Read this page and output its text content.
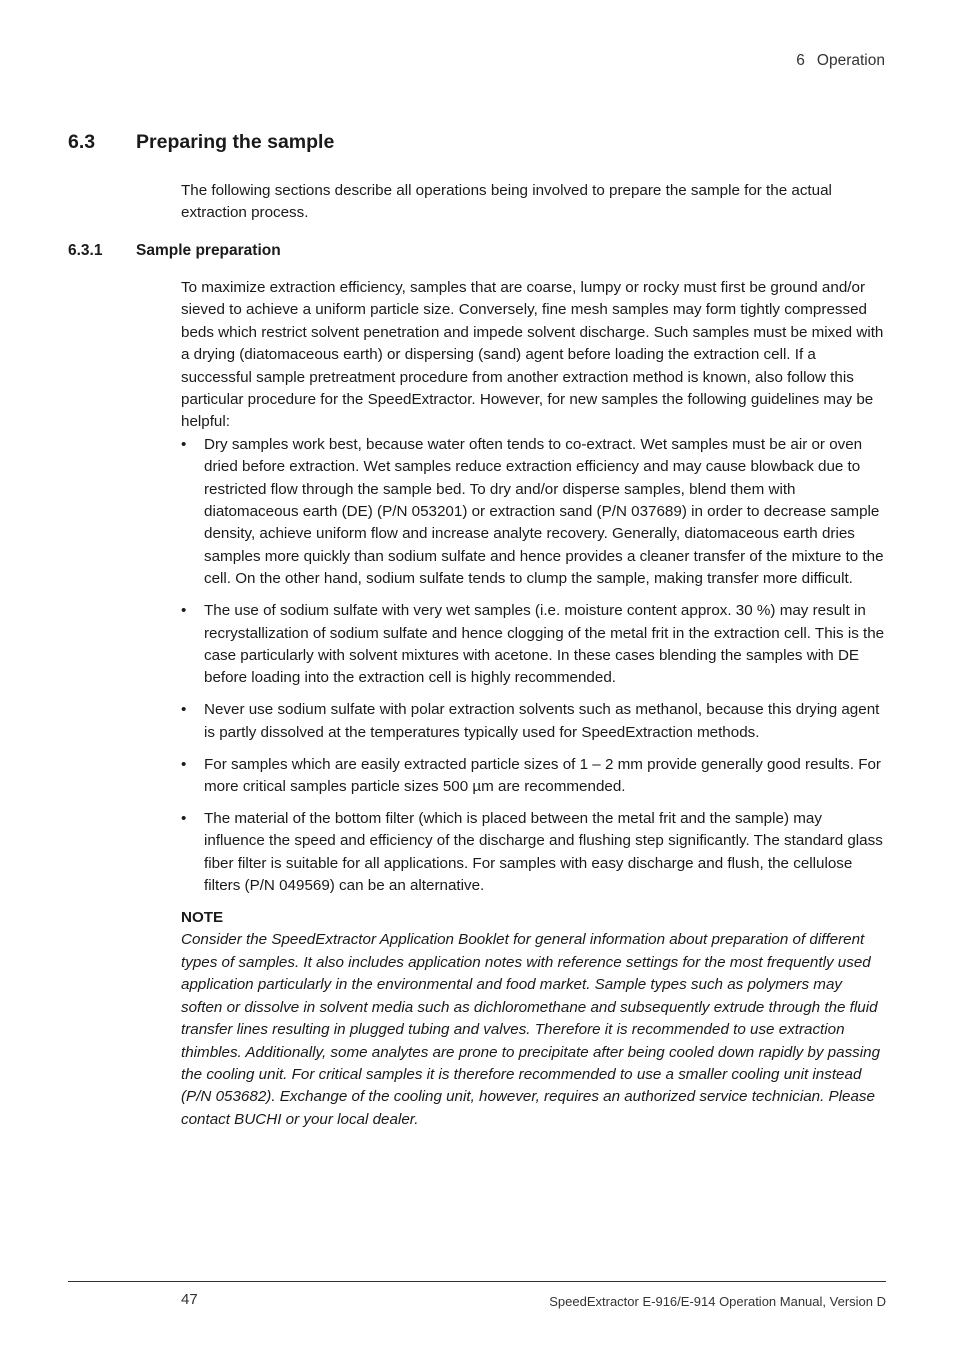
6 Operation
6.3 Preparing the sample

The following sections describe all operations being involved to prepare the sample for the actual extraction process.

6.3.1 Sample preparation

To maximize extraction efficiency, samples that are coarse, lumpy or rocky must first be ground and/or sieved to achieve a uniform particle size. Conversely, fine mesh samples may form tightly compressed beds which restrict solvent penetration and impede solvent discharge. Such samples must be mixed with a drying (diatomaceous earth) or dispersing (sand) agent before loading the extraction cell. If a successful sample pretreatment procedure from another extraction method is known, also follow this particular procedure for the SpeedExtractor. However, for new samples the following guidelines may be helpful:

• Dry samples work best, because water often tends to co-extract. Wet samples must be air or oven dried before extraction. Wet samples reduce extraction efficiency and may cause blowback due to restricted flow through the sample bed. To dry and/or disperse samples, blend them with diatomaceous earth (DE) (P/N 053201) or extraction sand (P/N 037689) in order to decrease sample density, achieve uniform flow and increase analyte recovery. Generally, diatomaceous earth dries samples more quickly than sodium sulfate and hence provides a cleaner transfer of the mixture to the cell. On the other hand, sodium sulfate tends to clump the sample, making transfer more difficult.
• The use of sodium sulfate with very wet samples (i.e. moisture content approx. 30 %) may result in recrystallization of sodium sulfate and hence clogging of the metal frit in the extraction cell. This is the case particularly with solvent mixtures with acetone. In these cases blending the samples with DE before loading into the extraction cell is highly recommended.
• Never use sodium sulfate with polar extraction solvents such as methanol, because this drying agent is partly dissolved at the temperatures typically used for SpeedExtraction methods.
• For samples which are easily extracted particle sizes of 1 – 2 mm provide generally good results. For more critical samples particle sizes 500 µm are recommended.
• The material of the bottom filter (which is placed between the metal frit and the sample) may influence the speed and efficiency of the discharge and flushing step significantly. The standard glass fiber filter is suitable for all applications. For samples with easy discharge and flush, the cellulose filters (P/N 049569) can be an alternative.
NOTE
Consider the SpeedExtractor Application Booklet for general information about preparation of different types of samples. It also includes application notes with reference settings for the most frequently used application particularly in the environmental and food market. Sample types such as polymers may soften or dissolve in solvent media such as dichloromethane and subsequently extrude through the fluid transfer lines resulting in plugged tubing and valves. Therefore it is recommended to use extraction thimbles. Additionally, some analytes are prone to precipitate after being cooled down rapidly by passing the cooling unit. For critical samples it is therefore recommended to use a smaller cooling unit instead (P/N 053682). Exchange of the cooling unit, however, requires an authorized service technician. Please contact BUCHI or your local dealer.
47	SpeedExtractor E-916/E-914 Operation Manual, Version D
